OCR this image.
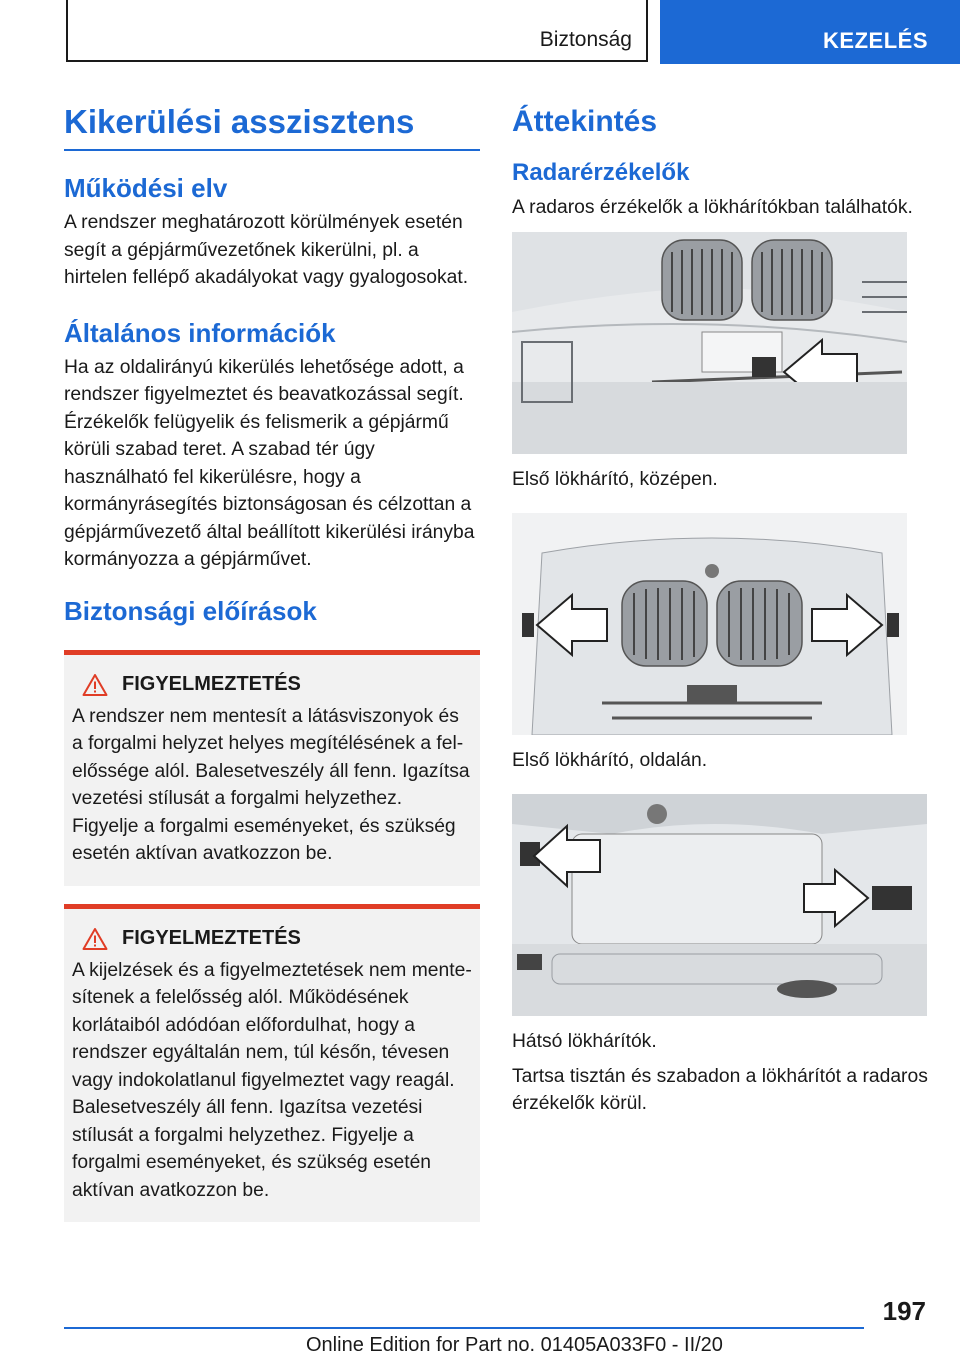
Biztonság	KEZELÉS
Kikerülési asszisztens
Működési elv

A rendszer meghatározott körülmények esetén segít a gépjárművezetőnek kikerülni, pl. a hirtelen fellépő akadályokat vagy gyalogosokat.

Általános információk

Ha az oldalirányú kikerülés lehetősége adott, a rendszer figyelmeztet és beavatkozással segít. Érzékelők felügyelik és felismerik a gépjármű körüli szabad teret. A szabad tér úgy használható fel kikerülésre, hogy a kormányrásegítés biztonságosan és célzottan a gépjárművezető által beállított kikerülési irányba kormányozza a gépjárművet.

Biztonsági előírások
FIGYELMEZTETÉS

A rendszer nem mentesít a látásviszonyok és a forgalmi helyzet helyes megítélésének a felelőssége alól. Balesetveszély áll fenn. Igazítsa vezetési stílusát a forgalmi helyzethez. Figyelje a forgalmi eseményeket, és szükség esetén aktívan avatkozzon be.

FIGYELMEZTETÉS

A kijelzések és a figyelmeztetések nem mentesítenek a felelősség alól. Működésének korlátaiból adódóan előfordulhat, hogy a rendszer egyáltalán nem, túl későn, tévesen vagy indokolatlanul figyelmeztet vagy reagál. Balesetveszély áll fenn. Igazítsa vezetési stílusát a forgalmi helyzethez. Figyelje a forgalmi eseményeket, és szükség esetén aktívan avatkozzon be.

Áttekintés
Radarérzékelők

A radaros érzékelők a lökhárítókban találhatók.

Első lökhárító, középen.

Első lökhárító, oldalán.

Hátsó lökhárítók.

Tartsa tisztán és szabadon a lökhárítót a radaros érzékelők körül.

197
Online Edition for Part no. 01405A033F0 - II/20
